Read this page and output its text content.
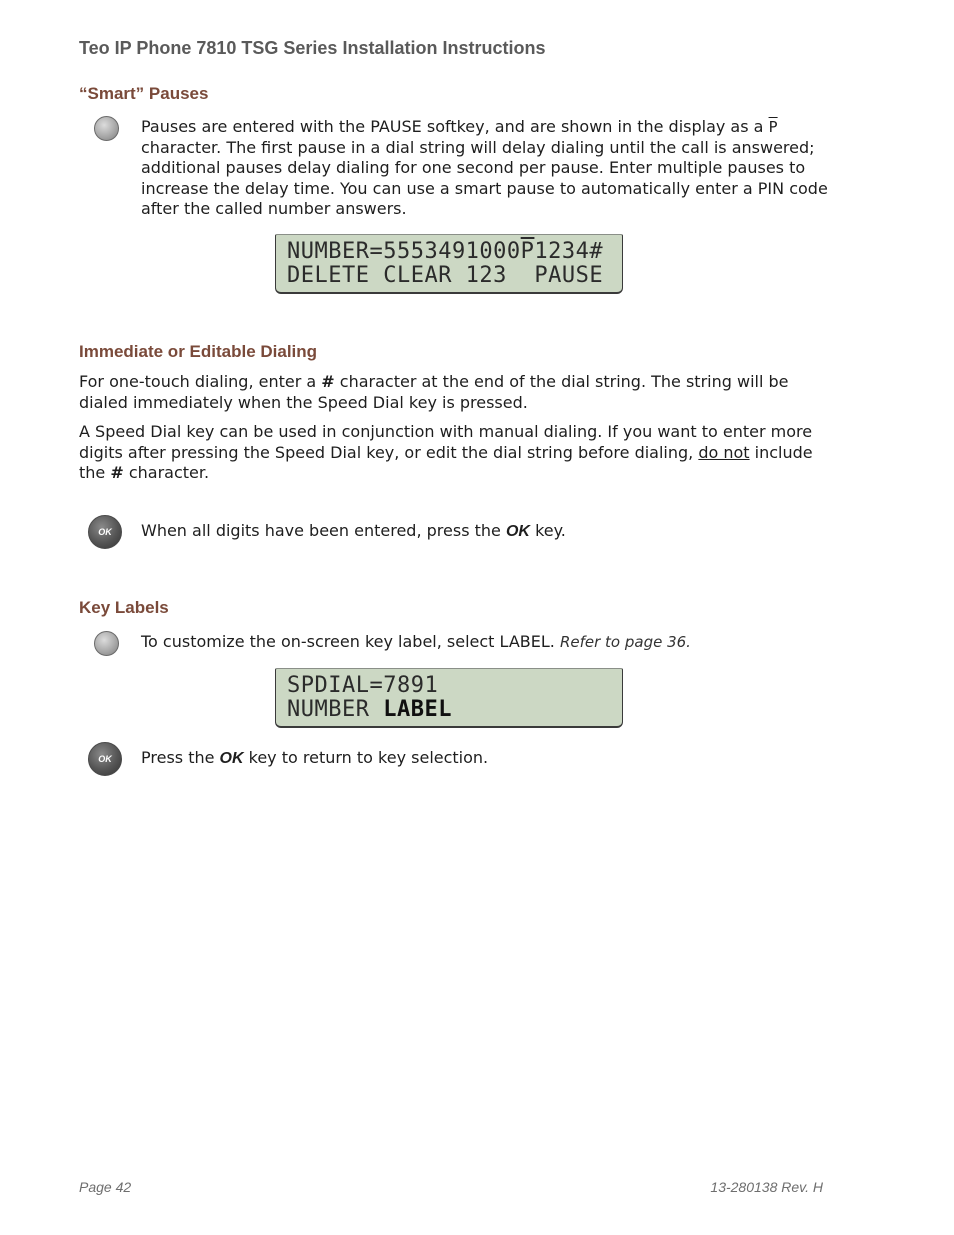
Teo IP Phone 7810 TSG Series Installation Instructions
“Smart” Pauses

Pauses are entered with the PAUSE softkey, and are shown in the display as a $\overline{P}$ character. The first pause in a dial string will delay dialing until the call is answered; additional pauses delay dialing for one second per pause. Enter multiple pauses to increase the delay time. You can use a smart pause to automatically enter a PIN code after the called number answers.

$NUMBER=5553491000\overline{P}1234\#$
DELETE CLEAR 123  PAUSE
Immediate or Editable Dialing

For one-touch dialing, enter a # character at the end of the dial string. The string will be dialed immediately when the Speed Dial key is pressed.

A Speed Dial key can be used in conjunction with manual dialing. If you want to enter more digits after pressing the Speed Dial key, or edit the dial string before dialing, do not include the # character.

OK	When all digits have been entered, press the OK key.
Key Labels
To customize the on-screen key label, select LABEL. Refer to page 36.
SPDIAL=7891
NUMBER LABEL
OK	Press the OK key to return to key selection.
Page 42	13-280138 Rev. H
